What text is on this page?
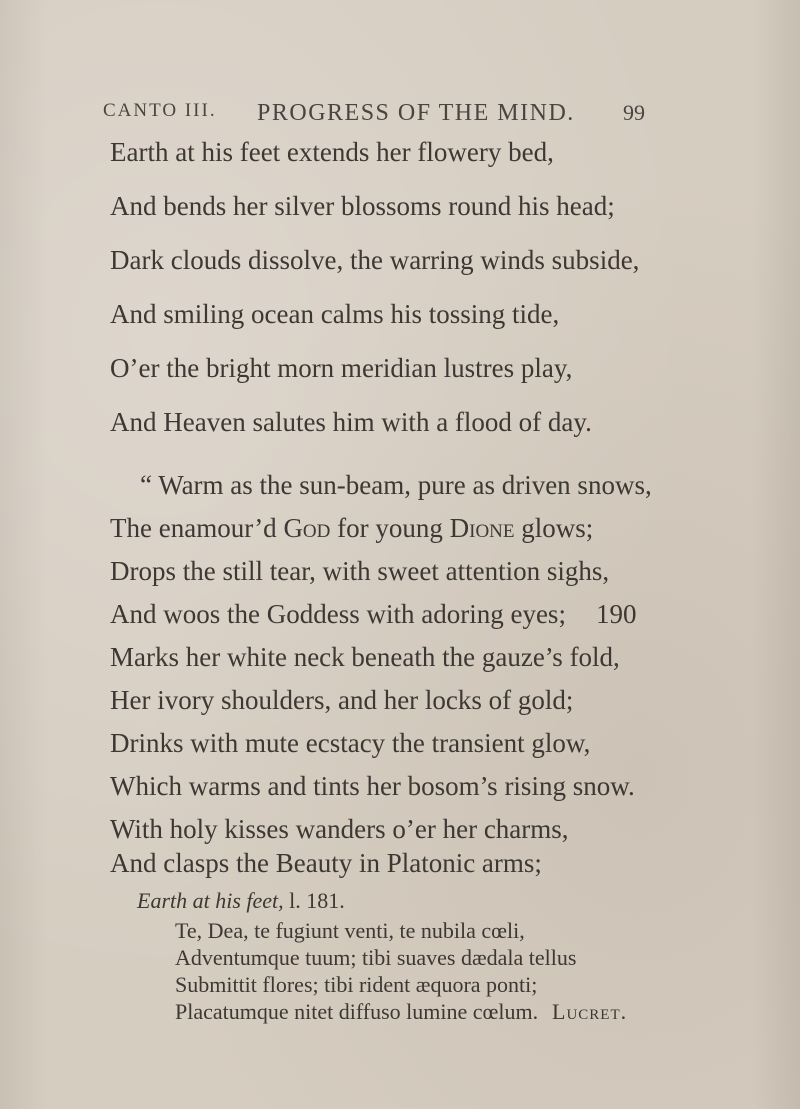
CANTO III. PROGRESS OF THE MIND. 99
Earth at his feet extends her flowery bed,
And bends her silver blossoms round his head;
Dark clouds dissolve, the warring winds subside,
And smiling ocean calms his tossing tide,
O’er the bright morn meridian lustres play,
And Heaven salutes him with a flood of day.
“ Warm as the sun-beam, pure as driven snows,
The enamour’d God for young Dione glows;
Drops the still tear, with sweet attention sighs,
And woos the Goddess with adoring eyes; 190
Marks her white neck beneath the gauze’s fold,
Her ivory shoulders, and her locks of gold;
Drinks with mute ecstacy the transient glow,
Which warms and tints her bosom’s rising snow.
With holy kisses wanders o’er her charms,
And clasps the Beauty in Platonic arms;
Earth at his feet, l. 181.
Te, Dea, te fugiunt venti, te nubila cœli,
Adventumque tuum; tibi suaves dædala tellus
Submittit flores; tibi rident æquora ponti;
Placatumque nitet diffuso lumine cœlum. Lucret.
